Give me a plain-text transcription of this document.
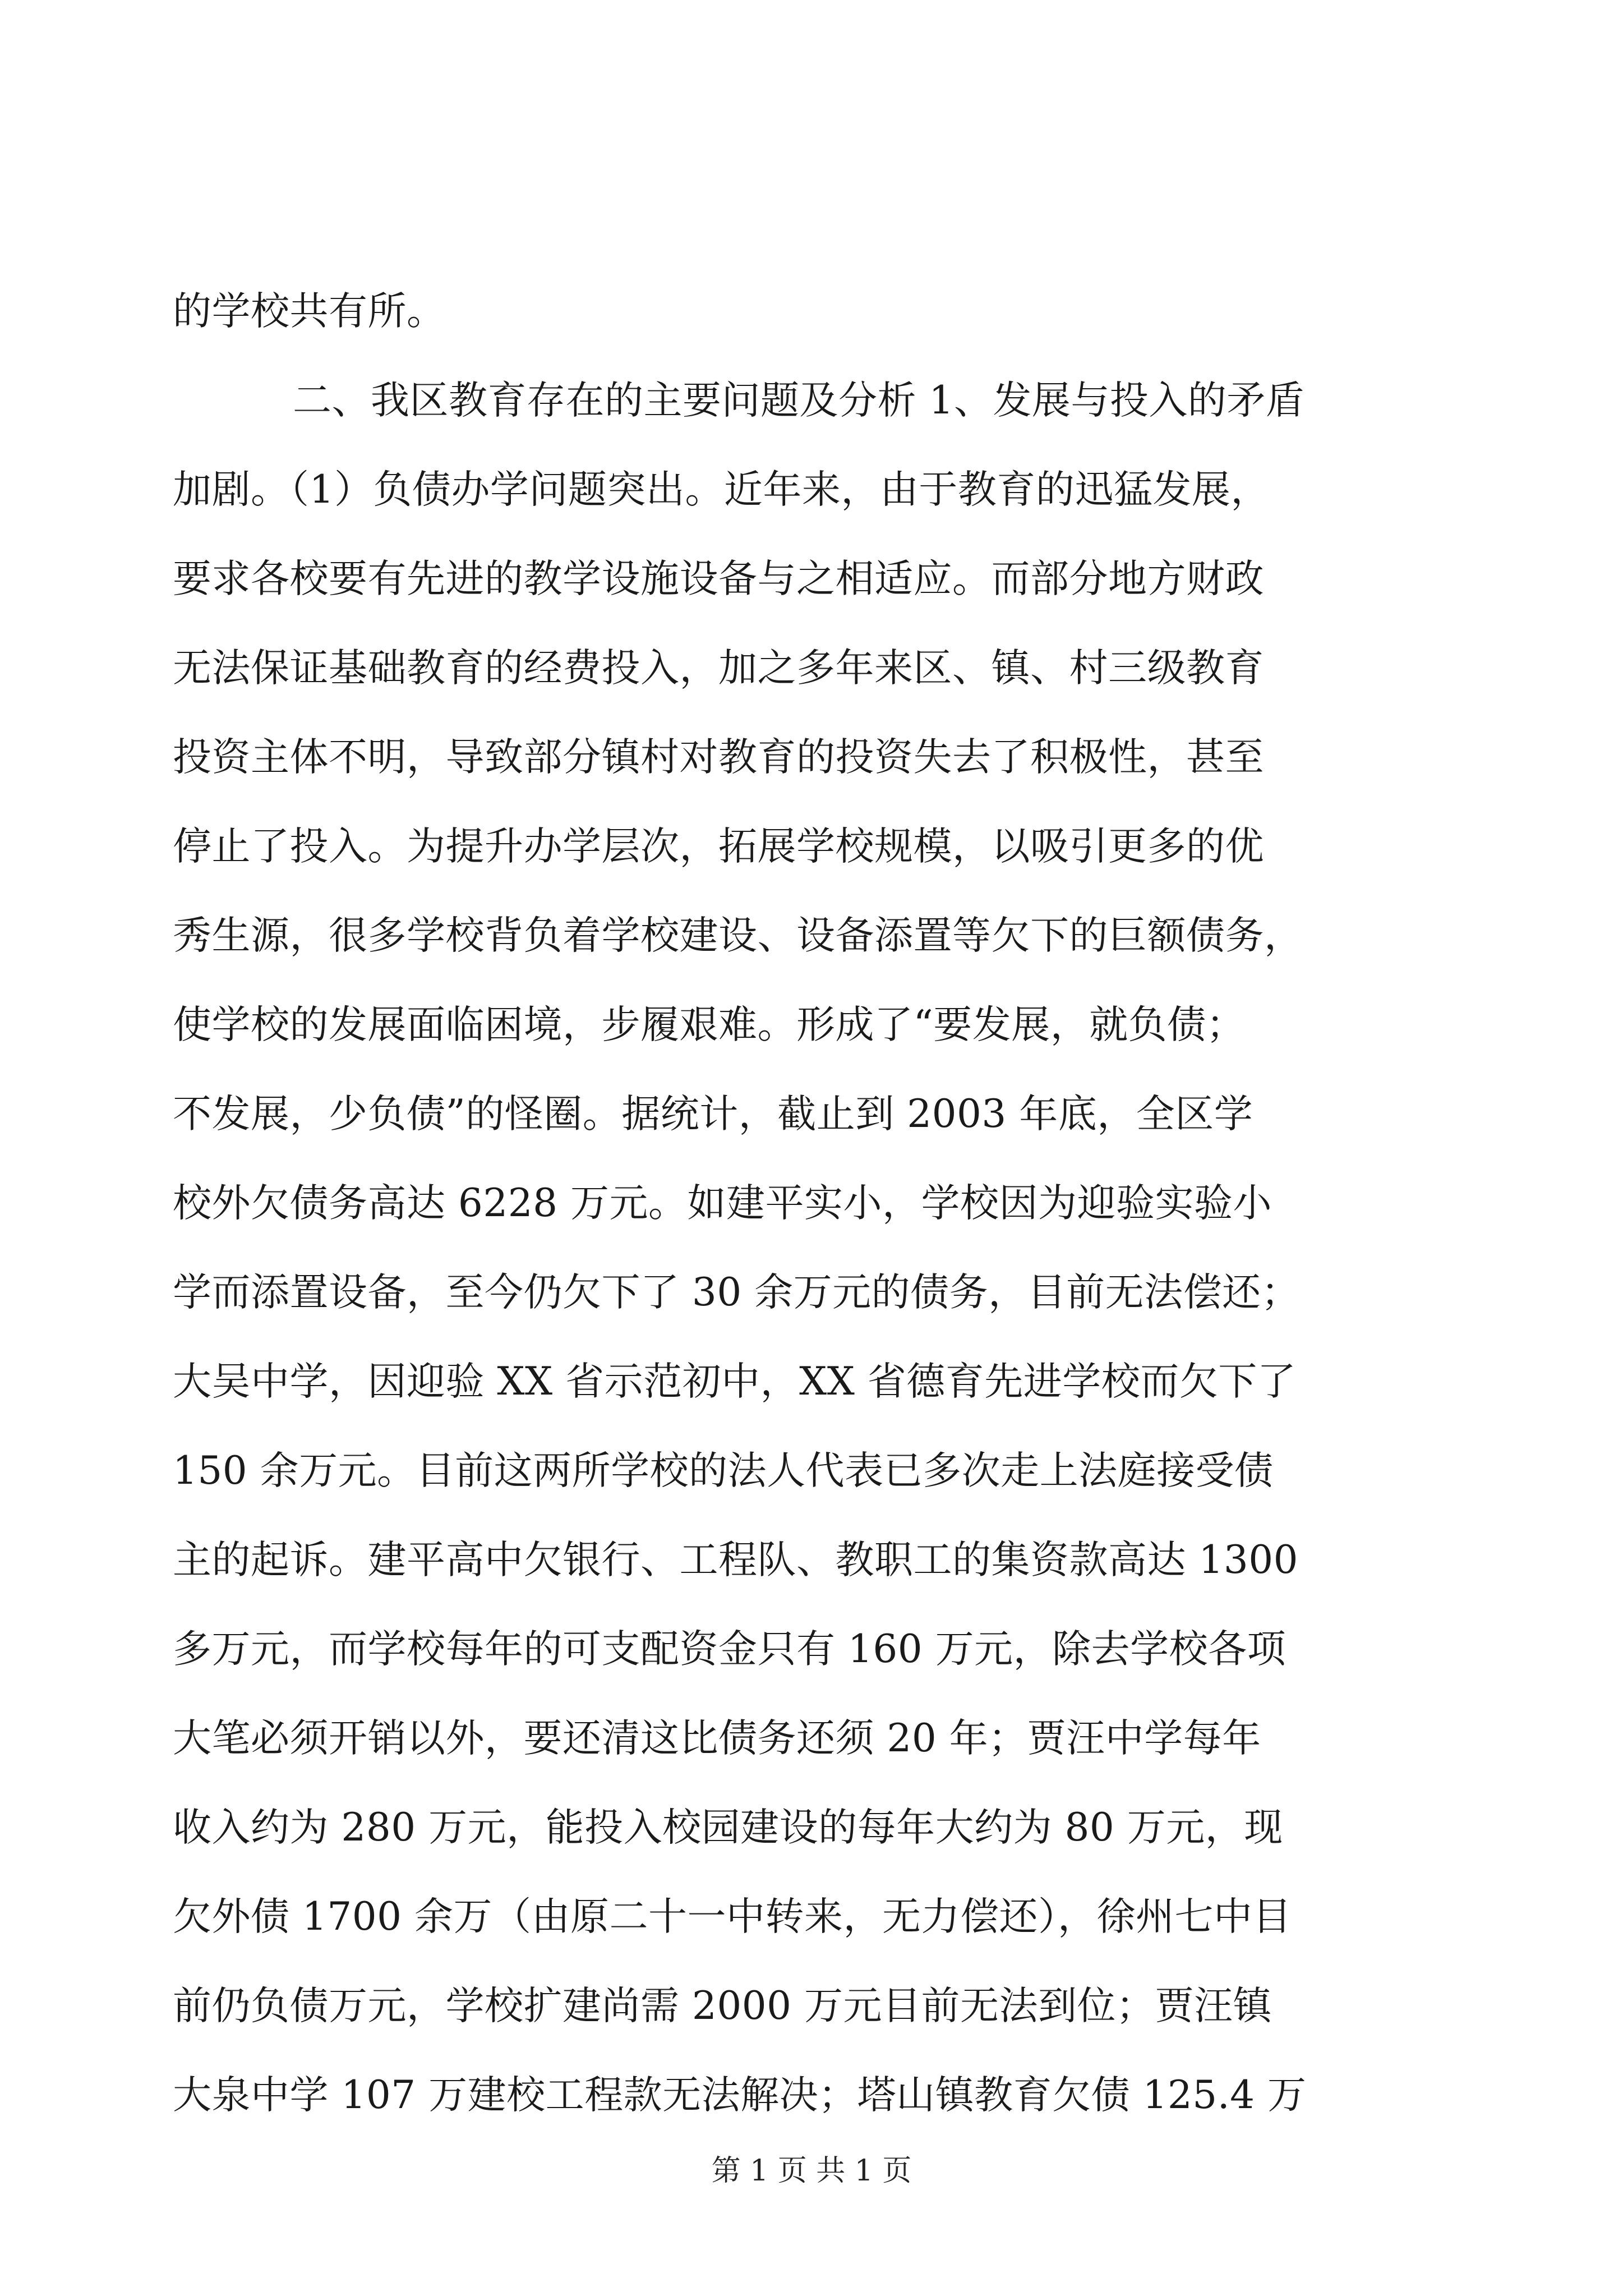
的学校共有所。
二、我区教育存在的主要问题及分析 1、发展与投入的矛盾
加剧。（1）负债办学问题突出。近年来，由于教育的迅猛发展，
要求各校要有先进的教学设施设备与之相适应。而部分地方财政
无法保证基础教育的经费投入，加之多年来区、镇、村三级教育
投资主体不明，导致部分镇村对教育的投资失去了积极性，甚至
停止了投入。为提升办学层次，拓展学校规模，以吸引更多的优
秀生源，很多学校背负着学校建设、设备添置等欠下的巨额债务，
使学校的发展面临困境，步履艰难。形成了“要发展，就负债；
不发展，少负债”的怪圈。据统计，截止到 2003 年底，全区学
校外欠债务高达 6228 万元。如建平实小，学校因为迎验实验小
学而添置设备，至今仍欠下了 30 余万元的债务，目前无法偿还；
大吴中学，因迎验 XX 省示范初中，XX 省德育先进学校而欠下了
150 余万元。目前这两所学校的法人代表已多次走上法庭接受债
主的起诉。建平高中欠银行、工程队、教职工的集资款高达 1300
多万元，而学校每年的可支配资金只有 160 万元，除去学校各项
大笔必须开销以外，要还清这比债务还须 20 年；贾汪中学每年
收入约为 280 万元，能投入校园建设的每年大约为 80 万元，现
欠外债 1700 余万（由原二十一中转来，无力偿还），徐州七中目
前仍负债万元，学校扩建尚需 2000 万元目前无法到位；贾汪镇
大泉中学 107 万建校工程款无法解决；塔山镇教育欠债 125.4 万
第 1 页 共 1 页
